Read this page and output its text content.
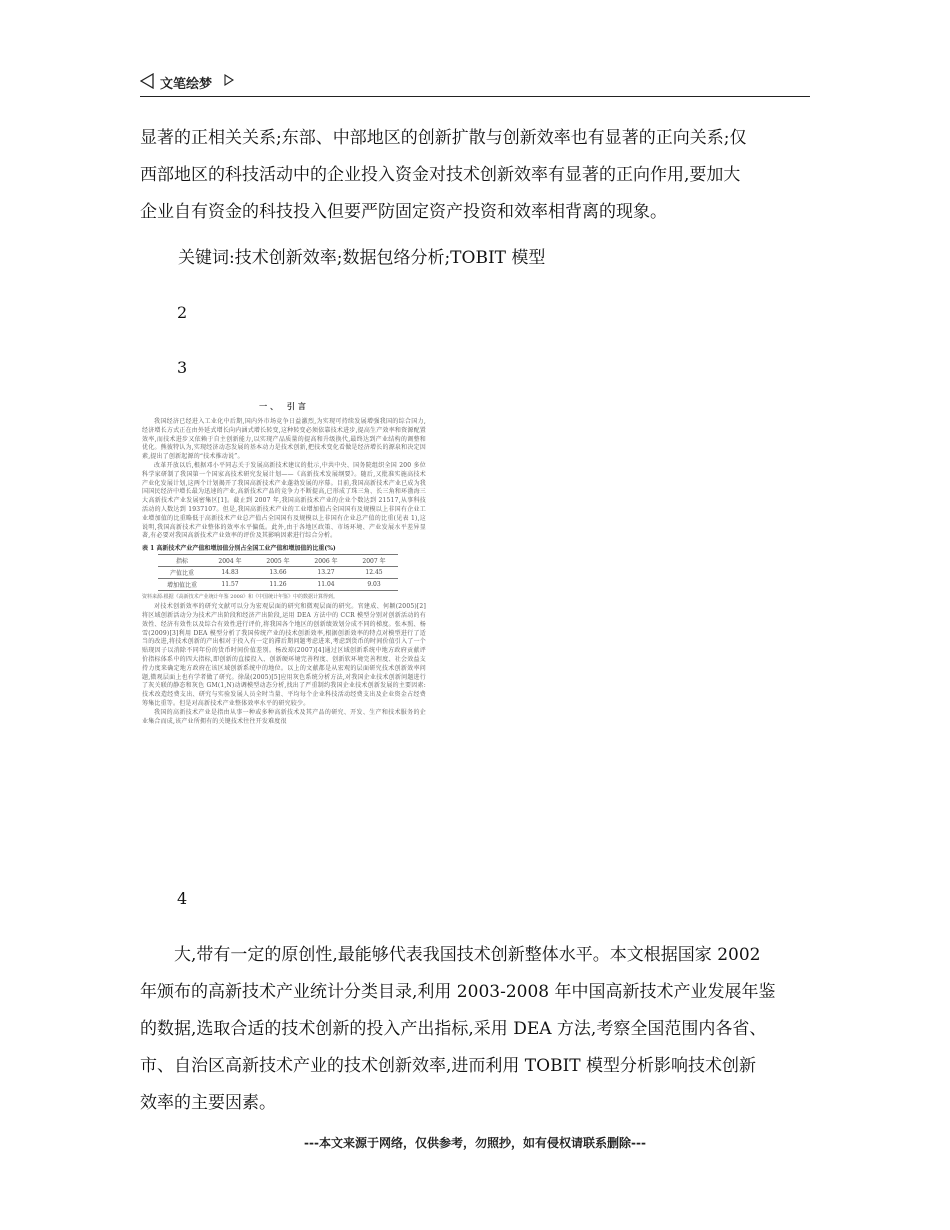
文笔绘梦
显著的正相关关系;东部、中部地区的创新扩散与创新效率也有显著的正向关系;仅
西部地区的科技活动中的企业投入资金对技术创新效率有显著的正向作用,要加大
企业自有资金的科技投入但要严防固定资产投资和效率相背离的现象。
关键词:技术创新效率;数据包络分析;TOBIT 模型
2
3
一、 引言

我国经济已经进入工业化中后期,国内外市场竞争日益激烈,为实现可持续发展增强我国的综合国力,经济增长方式正在由外延式增长向内涵式增长转变,这种转变必须依靠技术进步,提高生产效率和资源配置效率,而技术进步又依赖于自主创新能力,以实现产品质量的提高和升级换代,最终达到产业结构的调整和优化。熊彼特认为,实现经济动态发展的基本动力是技术创新,把技术变化看做是经济增长的源泉和决定因素,提出了创新起源的“技术推动说”。

改革开放以后,根据邓小平同志关于发展高新技术建议的批示,中共中央、国务院组织全国 200 多位科学家研制了我国第一个国家高技术研究发展计划——《高新技术发展纲要》。随后,又批准实施高技术产业化发展计划,这两个计划揭开了我国高新技术产业蓬勃发展的序幕。目前,我国高新技术产业已成为我国国民经济中增长最为迅速的产业,高新技术产品的竞争力不断提高,已形成了珠三角、长三角和环渤海三大高新技术产业发展密集区[1]。截止到 2007 年,我国高新技术产业的企业个数达到 21517,从事科技活动的人数达到 1937107。但是,我国高新技术产业的工业增加值占全国国有及规模以上非国有企业工业增加值的比重略低于高新技术产业总产值占全国国有及规模以上非国有企业总产值的比重(见表 1),这说明,我国高新技术产业整体的效率水平偏低。此外,由于各地区政策、市场环境、产业发展水平差异显著,有必要对我国高新技术产业效率的评价及其影响因素进行综合分析。

表 1 高新技术产业产值和增加值分别占全国工业产值和增加值的比重(%)
指标	2004 年	2005 年	2006 年	2007 年
产值比重	14.83	13.66	13.27	12.45
增加值比重	11.57	11.26	11.04	9.03
资料来源:根据《高新技术产业统计年鉴 2008》和《中国统计年鉴》中的数据计算得到。

对技术创新效率的研究文献可以分为宏观层面的研究和微观层面的研究。官建成、何颖(2005)[2]将区域创新活动分为技术产出阶段和经济产出阶段,运用 DEA 方法中的 CCR 模型分别对创新活动的有效性、经济有效性以及综合有效性进行评价,将我国各个地区的创新绩效划分成不同的梯度。张本照、杨 雪(2009)[3]利用 DEA 模型分析了我国传统产业的技术创新效率,根据创新效率的特点对模型进行了适当的改进,将技术创新的产出相对于投入有一定的滞后期问题考虑进来,考虑到货币的时间价值引入了一个贴现因子以消除不同年份的货币时间价值差别。杨改琼(2007)[4]通过区域创新系统中地方政府贡献评价指标体系中的四大指标,即创新的直接投入、创新硬环境完善程度、创新软环境完善程度、社会效益支持力度来确定地方政府在该区域创新系统中的地位。以上的文献都是从宏观的层面研究技术创新效率问题,微观层面上也有学者做了研究。徐晟(2005)[5]应用灰色系统分析方法,对我国企业技术创新问题进行了灰关联的静态和灰色 GM(1,N)动调模型动态分析,找出了严重制约我国企业技术创新发展的主要因素:技术改造经费支出、研究与实验发展人员全时当量、平均每个企业科技活动经费支出及企业资金占经费筹集比重等。但是对高新技术产业整体效率水平的研究较少。

我国的高新技术产业是指由从事一种或多种高新技术及其产品的研究、开发、生产和技术服务的企业集合而成,该产业所拥有的关键技术往往开发难度很

4
大,带有一定的原创性,最能够代表我国技术创新整体水平。本文根据国家 2002
年颁布的高新技术产业统计分类目录,利用 2003-2008 年中国高新技术产业发展年鉴
的数据,选取合适的技术创新的投入产出指标,采用 DEA 方法,考察全国范围内各省、
市、自治区高新技术产业的技术创新效率,进而利用 TOBIT 模型分析影响技术创新
效率的主要因素。
---本文来源于网络，仅供参考，勿照抄，如有侵权请联系删除---
